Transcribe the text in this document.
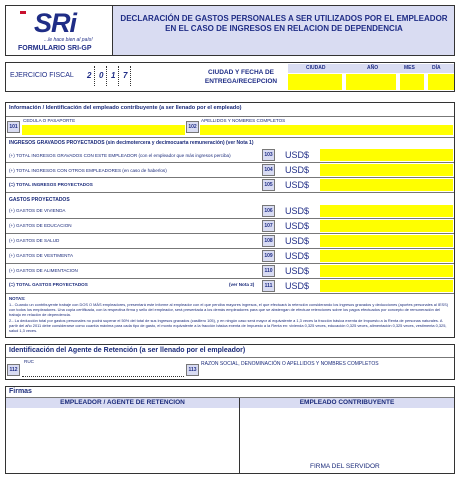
SRi
...le hace bien al país!
FORMULARIO SRI-GP
DECLARACIÓN DE GASTOS PERSONALES A SER UTILIZADOS POR EL EMPLEADOR EN EL CASO DE INGRESOS EN RELACION DE DEPENDENCIA
EJERCICIO FISCAL 2 0 1 7	CIUDAD Y FECHA DE ENTREGA/RECEPCION
CIUDAD	AÑO	MES	DÍA
Información / Identificación del empleado contribuyente (a ser llenado por el empleado)
101
CEDULA O PASAPORTE
102
APELLIDOS Y NOMBRES COMPLETOS
INGRESOS GRAVADOS PROYECTADOS (sin decimotercera y decimocuarta remuneración) (ver Nota 1)
(+) TOTAL INGRESOS GRAVADOS CON ESTE EMPLEADOR (con el empleador que más ingresos perciba)	103 USD$
(+) TOTAL INGRESOS CON OTROS EMPLEADORES (en caso de haberlos)	104 USD$
(=) TOTAL INGRESOS PROYECTADOS	105 USD$
GASTOS PROYECTADOS
(+) GASTOS DE VIVIENDA	106 USD$
(+) GASTOS DE EDUCACION	107 USD$
(+) GASTOS DE SALUD	108 USD$
(+) GASTOS DE VESTIMENTA	109 USD$
(+) GASTOS DE ALIMENTACION	110 USD$
(=) TOTAL GASTOS PROYECTADOS	(ver Nota 2)	111 USD$
NOTAS:
1.- Cuando un contribuyente trabaje con DOS O MÁS empleadores, presentará este informe al empleador con el que perciba mayores ingresos, el que efectuará la retención considerando los ingresos gravados y deducciones (aportes personales al IESS) con todos los empleadores. Una copia certificada, con la respectiva firma y sello del empleador, será presentada a los demás empleadores para que se abstengan de efectuar retenciones sobre los pagos efectuados por concepto de remuneración del trabajo en relación de dependencia.
2.- La deducción total por gastos personales no podrá superar el 50% del total de sus ingresos gravados (casillero 105), y en ningún caso será mayor al equivalente a 1,3 veces la fracción básica exenta de Impuesto a la Renta de personas naturales. A partir del año 2011 debe considerarse como cuantía máxima para cada tipo de gasto, el monto equivalente a la fracción básica exenta de Impuesto a la Renta en: vivienda 0,325 veces, educación 0,325 veces, alimentación 0,325 veces, vestimenta 0,325, salud 1,3 veces.
Identificación del Agente de Retención (a ser llenado por el empleador)
112
RUC
113
RAZON SOCIAL, DENOMINACIÓN O APELLIDOS Y NOMBRES COMPLETOS
Firmas
EMPLEADOR / AGENTE DE RETENCION	EMPLEADO CONTRIBUYENTE
FIRMA DEL SERVIDOR
